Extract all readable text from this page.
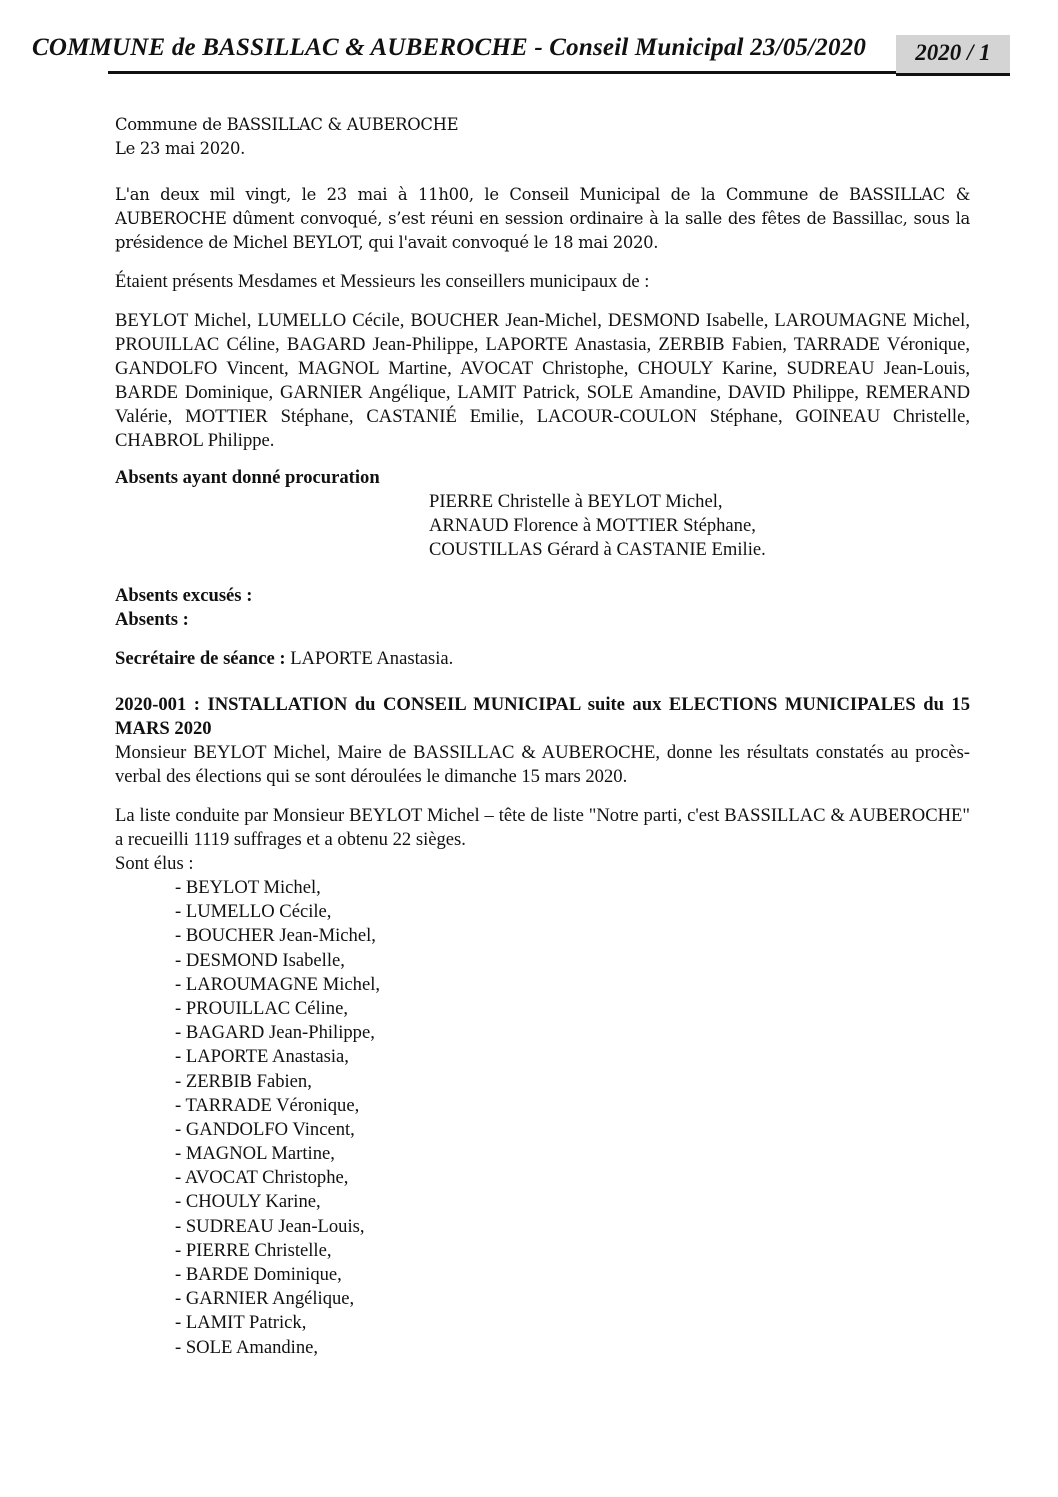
COMMUNE de BASSILLAC & AUBEROCHE - Conseil Municipal 23/05/2020	2020 / 1

Commune de BASSILLAC & AUBEROCHE

Le 23 mai 2020.

L'an deux mil vingt, le 23 mai à 11h00, le Conseil Municipal de la Commune de BASSILLAC & AUBEROCHE dûment convoqué, s’est réuni en session ordinaire à la salle des fêtes de Bassillac, sous la présidence de Michel BEYLOT, qui l'avait convoqué le 18 mai 2020.

Étaient présents Mesdames et Messieurs les conseillers municipaux de :

BEYLOT Michel, LUMELLO Cécile, BOUCHER Jean-Michel, DESMOND Isabelle, LAROUMAGNE Michel, PROUILLAC Céline, BAGARD Jean-Philippe, LAPORTE Anastasia, ZERBIB Fabien, TARRADE Véronique, GANDOLFO Vincent, MAGNOL Martine, AVOCAT Christophe, CHOULY Karine, SUDREAU Jean-Louis, BARDE Dominique, GARNIER Angélique, LAMIT Patrick, SOLE Amandine, DAVID Philippe, REMERAND Valérie, MOTTIER Stéphane, CASTANIÉ Emilie, LACOUR-COULON Stéphane, GOINEAU Christelle, CHABROL Philippe.

Absents ayant donné procuration

PIERRE Christelle à BEYLOT Michel,
ARNAUD Florence à MOTTIER Stéphane,
COUSTILLAS Gérard à CASTANIE Emilie.

Absents excusés :

Absents :

Secrétaire de séance : LAPORTE Anastasia.

2020-001 : INSTALLATION du CONSEIL MUNICIPAL suite aux ELECTIONS MUNICIPALES du 15 MARS 2020

Monsieur BEYLOT Michel, Maire de BASSILLAC & AUBEROCHE, donne les résultats constatés au procès-verbal des élections qui se sont déroulées le dimanche 15 mars 2020.

La liste conduite par Monsieur BEYLOT Michel – tête de liste "Notre parti, c'est BASSILLAC & AUBEROCHE" a recueilli 1119 suffrages et a obtenu 22 sièges.

Sont élus :

- BEYLOT Michel,
- LUMELLO Cécile,
- BOUCHER Jean-Michel,
- DESMOND Isabelle,
- LAROUMAGNE Michel,
- PROUILLAC Céline,
- BAGARD Jean-Philippe,
- LAPORTE Anastasia,
- ZERBIB Fabien,
- TARRADE Véronique,
- GANDOLFO Vincent,
- MAGNOL Martine,
- AVOCAT Christophe,
- CHOULY Karine,
- SUDREAU Jean-Louis,
- PIERRE Christelle,
- BARDE Dominique,
- GARNIER Angélique,
- LAMIT Patrick,
- SOLE Amandine,
